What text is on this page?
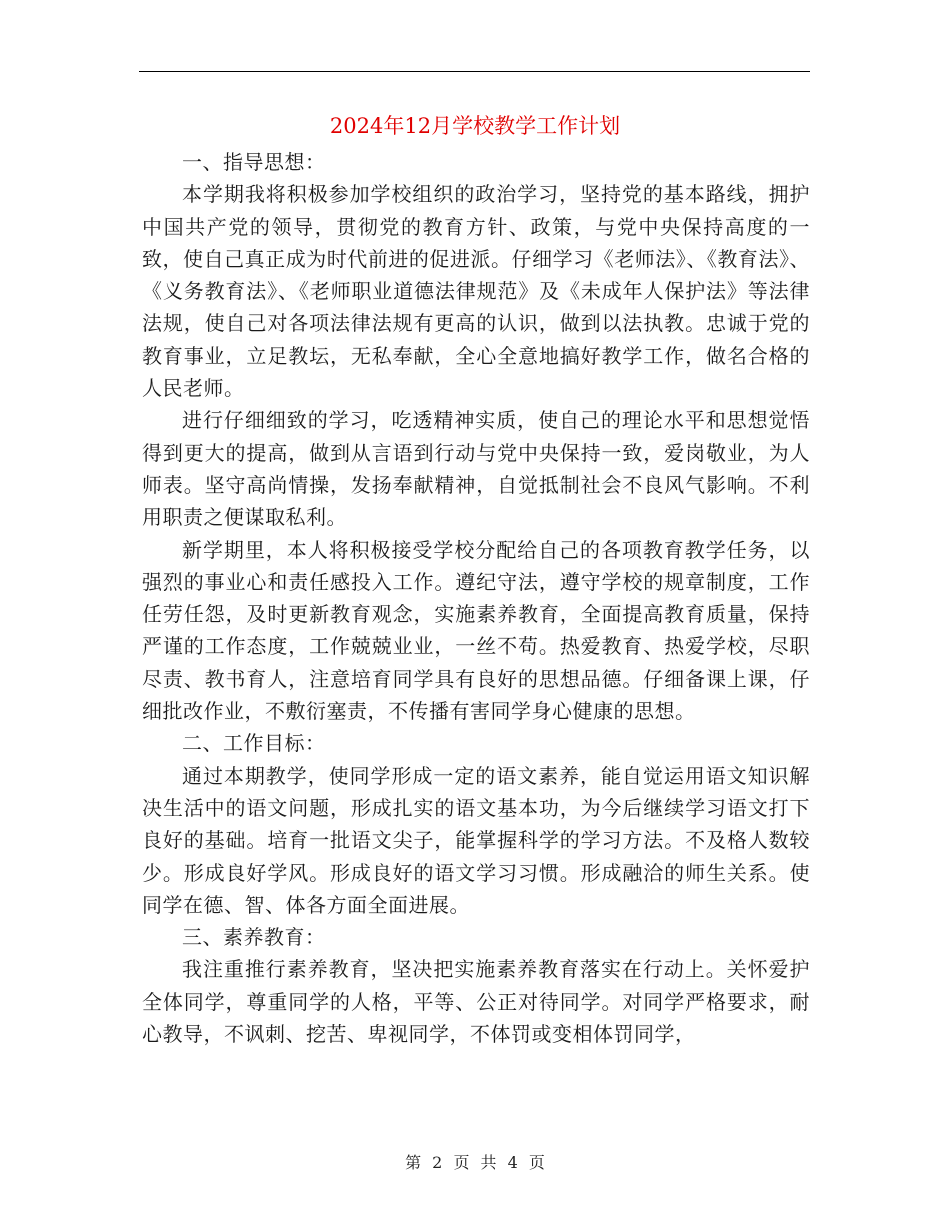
2024年12月学校教学工作计划

一、指导思想：

本学期我将积极参加学校组织的政治学习，坚持党的基本路线，拥护中国共产党的领导，贯彻党的教育方针、政策，与党中央保持高度的一致，使自己真正成为时代前进的促进派。仔细学习《老师法》、《教育法》、《义务教育法》、《老师职业道德法律规范》及《未成年人保护法》等法律法规，使自己对各项法律法规有更高的认识，做到以法执教。忠诚于党的教育事业，立足教坛，无私奉献，全心全意地搞好教学工作，做名合格的人民老师。

进行仔细细致的学习，吃透精神实质，使自己的理论水平和思想觉悟得到更大的提高，做到从言语到行动与党中央保持一致，爱岗敬业，为人师表。坚守高尚情操，发扬奉献精神，自觉抵制社会不良风气影响。不利用职责之便谋取私利。

新学期里，本人将积极接受学校分配给自己的各项教育教学任务，以强烈的事业心和责任感投入工作。遵纪守法，遵守学校的规章制度，工作任劳任怨，及时更新教育观念，实施素养教育，全面提高教育质量，保持严谨的工作态度，工作兢兢业业，一丝不苟。热爱教育、热爱学校，尽职尽责、教书育人，注意培育同学具有良好的思想品德。仔细备课上课，仔细批改作业，不敷衍塞责，不传播有害同学身心健康的思想。

二、工作目标：

通过本期教学，使同学形成一定的语文素养，能自觉运用语文知识解决生活中的语文问题，形成扎实的语文基本功，为今后继续学习语文打下良好的基础。培育一批语文尖子，能掌握科学的学习方法。不及格人数较少。形成良好学风。形成良好的语文学习习惯。形成融洽的师生关系。使同学在德、智、体各方面全面进展。

三、素养教育：

我注重推行素养教育，坚决把实施素养教育落实在行动上。关怀爱护全体同学，尊重同学的人格，平等、公正对待同学。对同学严格要求，耐心教导，不讽刺、挖苦、卑视同学，不体罚或变相体罚同学，

第 2 页 共 4 页
